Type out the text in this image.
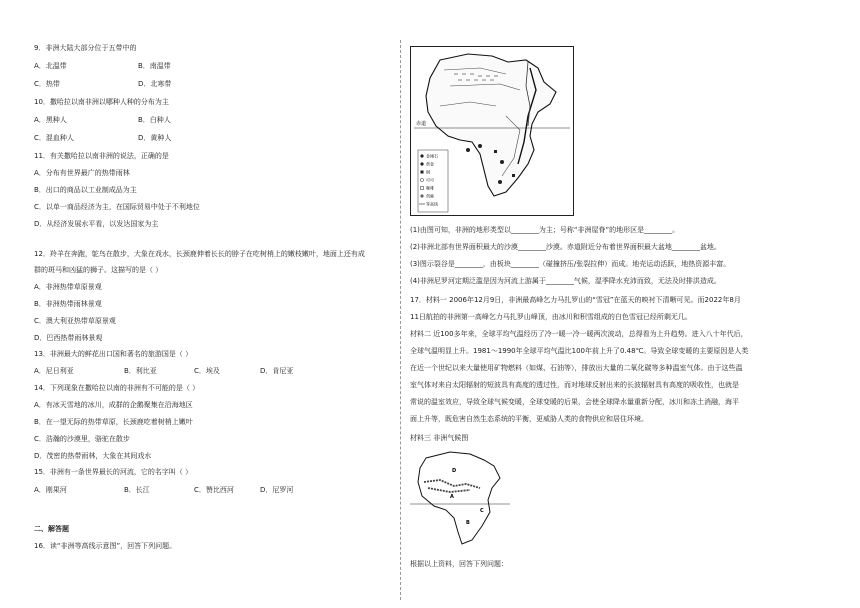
9．非洲大陆大部分位于五带中的
A．北温带	B．南温带
C．热带	D．北寒带
10．撒哈拉以南非洲以哪种人种的分布为主
A．黑种人	B．白种人
C．混血种人	D．黄种人
11．有关撒哈拉以南非洲的说法，正确的是
A．分布有世界最广的热带雨林
B．出口的商品以工业制成品为主
C．以单一商品经济为主，在国际贸易中处于不利地位
D．从经济发展水平看，以发达国家为主
12．羚羊在奔跑，鸵鸟在散步，大象在戏水，长颈鹿伸着长长的脖子在吃树梢上的嫩枝嫩叶，地面上还有成
群的斑马和凶猛的狮子。这描写的是（ ）
A．非洲热带草原景观
B．非洲热带雨林景观
C．澳大利亚热带草原景观
D．巴西热带雨林景观
13．非洲最大的鲜花出口国和著名的旅游国是（ ）
A．尼日利亚	B．利比亚	C．埃及	D．肯尼亚
14．下列现象在撒哈拉以南的非洲有不可能的是（ ）
A．有冰天雪地的冰川，成群的企鹅聚集在沿海地区
B．在一望无际的热带草原，长颈鹿吃着树梢上嫩叶
C．浩瀚的沙漠里，骆驼在散步
D．茂密的热带雨林，大象在其间戏水
15．非洲有一条世界最长的河流，它的名字叫（ ）
A．刚果河	B．长江	C．赞比西河	D．尼罗河
二、解答题
16．读“非洲等高线示意图”，回答下列问题。
赤道
金刚石
黄金
铜
可可
咖啡
剑麻
等高线
(1)由图可知，非洲的地形类型以________为主；号称“非洲屋脊”的地形区是________。
(2)非洲北部有世界面积最大的沙漠________沙漠。赤道附近分布着世界面积最大盆地________盆地。
(3)图示裂谷是________，由板块________（碰撞挤压/张裂拉伸）而成。地壳运动活跃，地热资源丰富。
(4)非洲尼罗河定期泛滥是因为河流上游属于________气候，湿季降水充沛而致，无法及时排洪造成。
17．材料一 2006年12月9日，非洲最高峰乞力马扎罗山的“雪冠”在蓝天的映衬下清晰可见。而2022年8月
11日航拍的非洲第一高峰乞力马扎罗山峰顶，由冰川和积雪组成的白色雪冠已经所剩无几。
材料二 近100多年来，全球平均气温经历了冷一暖一冷一暖两次波动，总得看为上升趋势。进入八十年代后，
全球气温明显上升。1981～1990年全球平均气温比100年前上升了0.48℃。导致全球变暖的主要原因是人类
在近一个世纪以来大量使用矿物燃料（如煤、石油等），排放出大量的二氧化碳等多种温室气体。由于这些温
室气体对来自太阳辐射的短波具有高度的透过性，而对地球反射出来的长波辐射具有高度的吸收性，也就是
常说的温室效应，导致全球气候变暖，全球变暖的后果，会使全球降水量重新分配，冰川和冻土消融，海平
面上升等，既危害自然生态系统的平衡，更威胁人类的食物供应和居住环境。
材料三 非洲气候图
D
A
B
C
根据以上资料，回答下列问题：
